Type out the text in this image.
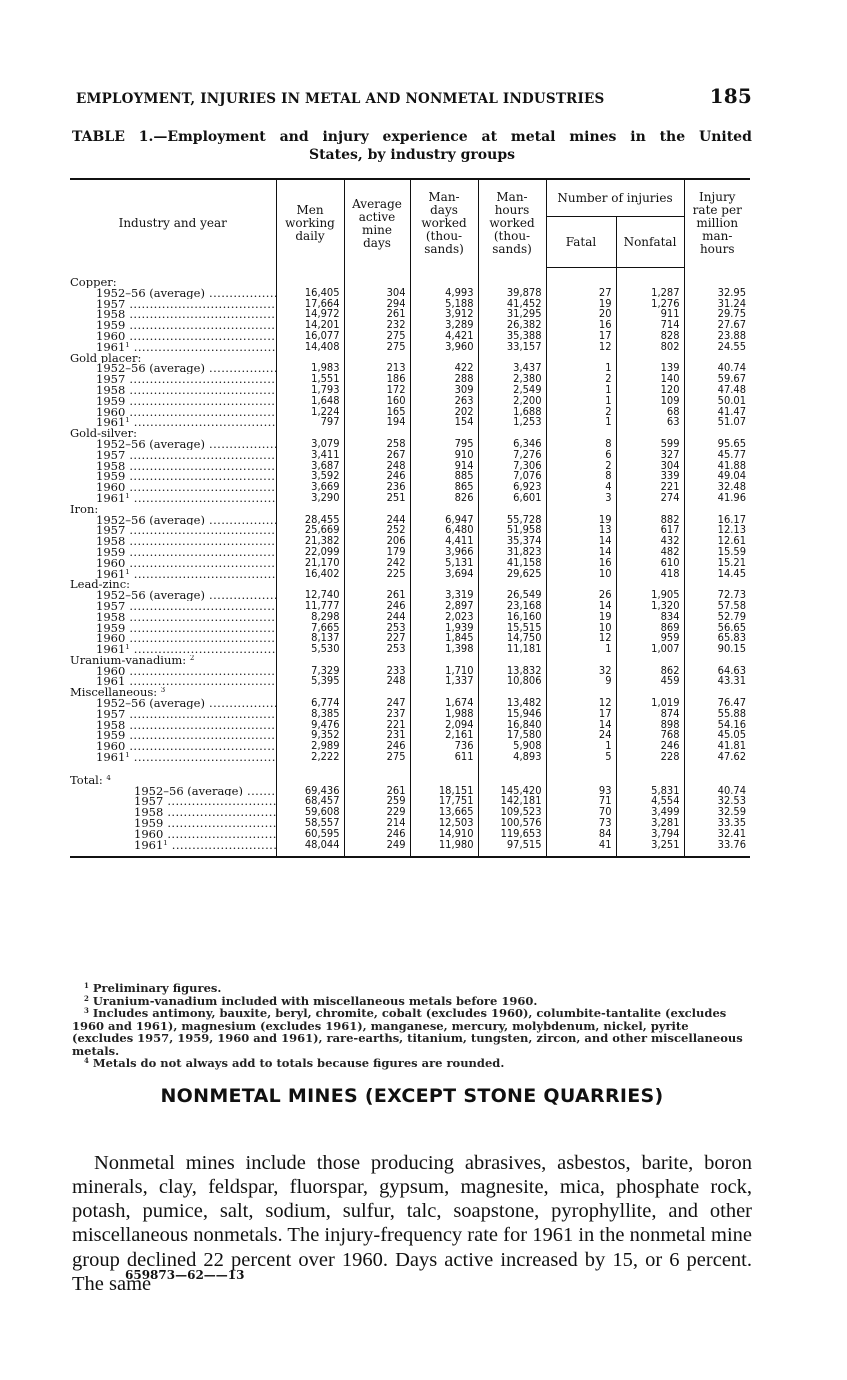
EMPLOYMENT, INJURIES IN METAL AND NONMETAL INDUSTRIES	185
TABLE 1.—Employment and injury experience at metal mines in the United
States, by industry groups
Industry and year	Men
working
daily	Average
active
mine
days	Man-
days
worked
(thou-
sands)	Man-
hours
worked
(thou-
sands)	Number of injuries		Injury
rate per
million
man-
hours
					Fatal	Nonfatal	

Copper:							
1952–56 (average) .....	16,405	304	4,993	39,878	27	1,287	32.95
1957 .....	17,664	294	5,188	41,452	19	1,276	31.24
1958 .....	14,972	261	3,912	31,295	20	911	29.75
1959 .....	14,201	232	3,289	26,382	16	714	27.67
1960 .....	16,077	275	4,421	35,388	17	828	23.88
1961$^1$ .....	14,408	275	3,960	33,157	12	802	24.55
Gold placer:							
1952–56 (average) .....	1,983	213	422	3,437	1	139	40.74
1957 .....	1,551	186	288	2,380	2	140	59.67
1958 .....	1,793	172	309	2,549	1	120	47.48
1959 .....	1,648	160	263	2,200	1	109	50.01
1960 .....	1,224	165	202	1,688	2	68	41.47
1961$^1$ .....	797	194	154	1,253	1	63	51.07
Gold-silver:							
1952–56 (average) .....	3,079	258	795	6,346	8	599	95.65
1957 .....	3,411	267	910	7,276	6	327	45.77
1958 .....	3,687	248	914	7,306	2	304	41.88
1959 .....	3,592	246	885	7,076	8	339	49.04
1960 .....	3,669	236	865	6,923	4	221	32.48
1961$^1$ .....	3,290	251	826	6,601	3	274	41.96
Iron:							
1952–56 (average) .....	28,455	244	6,947	55,728	19	882	16.17
1957 .....	25,669	252	6,480	51,958	13	617	12.13
1958 .....	21,382	206	4,411	35,374	14	432	12.61
1959 .....	22,099	179	3,966	31,823	14	482	15.59
1960 .....	21,170	242	5,131	41,158	16	610	15.21
1961$^1$ .....	16,402	225	3,694	29,625	10	418	14.45
Lead-zinc:							
1952–56 (average) .....	12,740	261	3,319	26,549	26	1,905	72.73
1957 .....	11,777	246	2,897	23,168	14	1,320	57.58
1958 .....	8,298	244	2,023	16,160	19	834	52.79
1959 .....	7,665	253	1,939	15,515	10	869	56.65
1960 .....	8,137	227	1,845	14,750	12	959	65.83
1961$^1$ .....	5,530	253	1,398	11,181	1	1,007	90.15
Uranium-vanadium: $^2$							
1960 .....	7,329	233	1,710	13,832	32	862	64.63
1961 .....	5,395	248	1,337	10,806	9	459	43.31
Miscellaneous: $^3$							
1952–56 (average) .....	6,774	247	1,674	13,482	12	1,019	76.47
1957 .....	8,385	237	1,988	15,946	17	874	55.88
1958 .....	9,476	221	2,094	16,840	14	898	54.16
1959 .....	9,352	231	2,161	17,580	24	768	45.05
1960 .....	2,989	246	736	5,908	1	246	41.81
1961$^1$ .....	2,222	275	611	4,893	5	228	47.62

Total: $^4$							
1952–56 (average) .....	69,436	261	18,151	145,420	93	5,831	40.74
1957 .....	68,457	259	17,751	142,181	71	4,554	32.53
1958 .....	59,608	229	13,665	109,523	70	3,499	32.59
1959 .....	58,557	214	12,503	100,576	73	3,281	33.35
1960 .....	60,595	246	14,910	119,653	84	3,794	32.41
1961$^1$ .....	48,044	249	11,980	97,515	41	3,251	33.76

$^1$ Preliminary figures.

$^2$ Uranium-vanadium included with miscellaneous metals before 1960.

$^3$ Includes antimony, bauxite, beryl, chromite, cobalt (excludes 1960), columbite-tantalite (excludes 1960 and 1961), magnesium (excludes 1961), manganese, mercury, molybdenum, nickel, pyrite (excludes 1957, 1959, 1960 and 1961), rare-earths, titanium, tungsten, zircon, and other miscellaneous metals.

$^4$ Metals do not always add to totals because figures are rounded.

NONMETAL MINES (EXCEPT STONE QUARRIES)

Nonmetal mines include those producing abrasives, asbestos, barite, boron minerals, clay, feldspar, fluorspar, gypsum, magnesite, mica, phosphate rock, potash, pumice, salt, sodium, sulfur, talc, soapstone, pyrophyllite, and other miscellaneous nonmetals. The injury-frequency rate for 1961 in the nonmetal mine group declined 22 percent over 1960. Days active increased by 15, or 6 percent. The same

659873—62——13
